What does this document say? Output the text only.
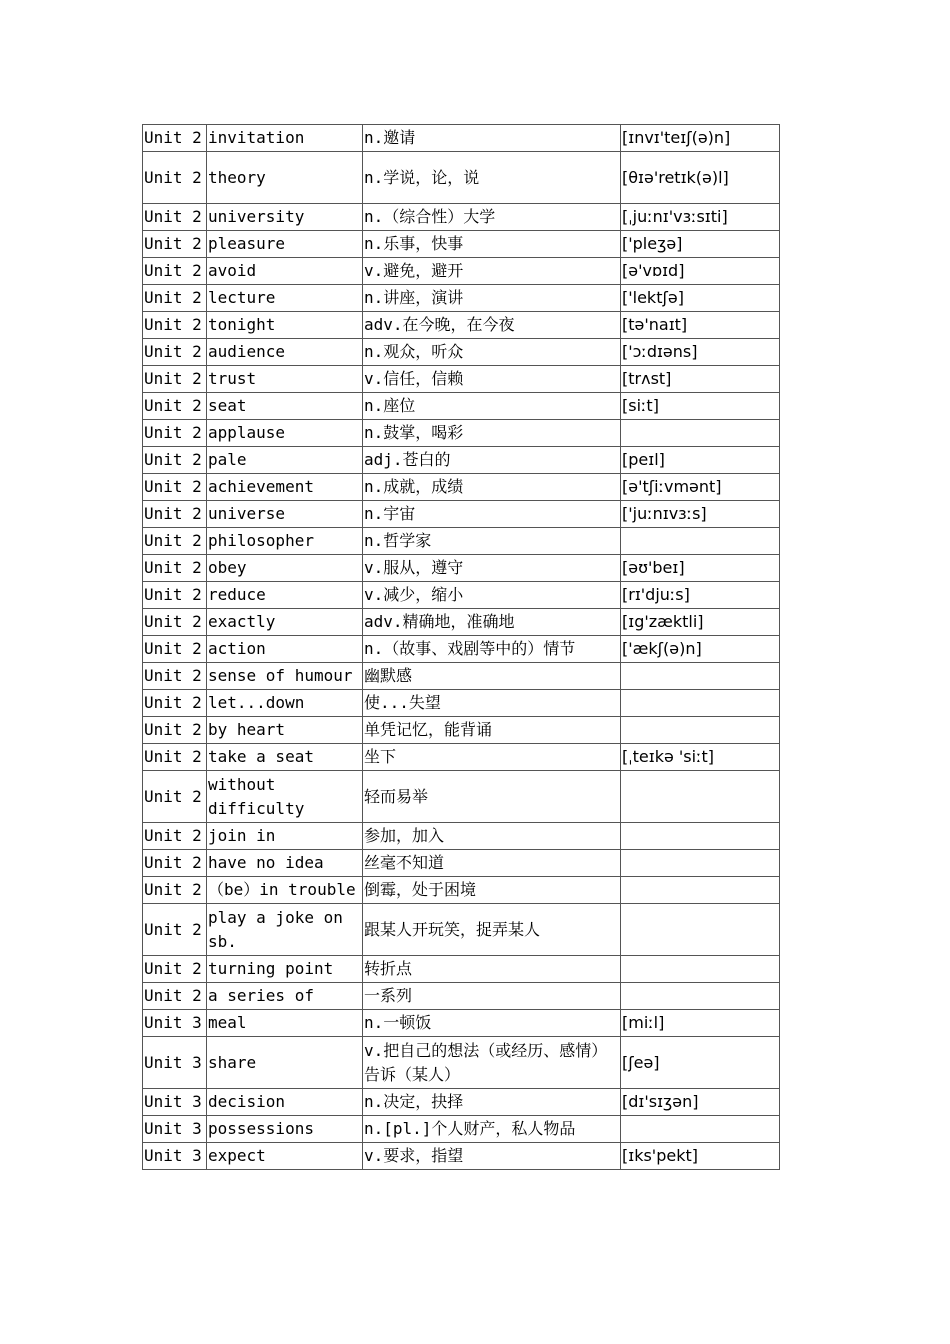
Unit 2	invitation	n.邀请	[ɪnvɪ'teɪʃ(ə)n]
Unit 2	theory	n.学说，论，说	[θɪə'retɪk(ə)l]
Unit 2	university	n.（综合性）大学	[ˌjuːnɪ'vɜːsɪti]
Unit 2	pleasure	n.乐事，快事	['pleʒə]
Unit 2	avoid	v.避免，避开	[ə'vɒɪd]
Unit 2	lecture	n.讲座，演讲	['lektʃə]
Unit 2	tonight	adv.在今晚，在今夜	[tə'naɪt]
Unit 2	audience	n.观众，听众	['ɔːdɪəns]
Unit 2	trust	v.信任，信赖	[trʌst]
Unit 2	seat	n.座位	[siːt]
Unit 2	applause	n.鼓掌，喝彩	
Unit 2	pale	adj.苍白的	[peɪl]
Unit 2	achievement	n.成就，成绩	[ə'tʃiːvmənt]
Unit 2	universe	n.宇宙	['juːnɪvɜːs]
Unit 2	philosopher	n.哲学家	
Unit 2	obey	v.服从，遵守	[əʊ'beɪ]
Unit 2	reduce	v.减少，缩小	[rɪ'djuːs]
Unit 2	exactly	adv.精确地，准确地	[ɪg'zæktli]
Unit 2	action	n.（故事、戏剧等中的）情节	['ækʃ(ə)n]
Unit 2	sense of humour	幽默感	
Unit 2	let...down	使...失望	
Unit 2	by heart	单凭记忆，能背诵	
Unit 2	take a seat	坐下	[ˌteɪkə 'siːt]
Unit 2	without difficulty	轻而易举	
Unit 2	join in	参加，加入	
Unit 2	have no idea	丝毫不知道	
Unit 2	（be）in trouble	倒霉，处于困境	
Unit 2	play a joke on sb.	跟某人开玩笑，捉弄某人	
Unit 2	turning point	转折点	
Unit 2	a series of	一系列	
Unit 3	meal	n.一顿饭	[miːl]
Unit 3	share	v.把自己的想法（或经历、感情）告诉（某人）	[ʃeə]
Unit 3	decision	n.决定，抉择	[dɪ'sɪʒən]
Unit 3	possessions	n.[pl.]个人财产，私人物品	
Unit 3	expect	v.要求，指望	[ɪks'pekt]
